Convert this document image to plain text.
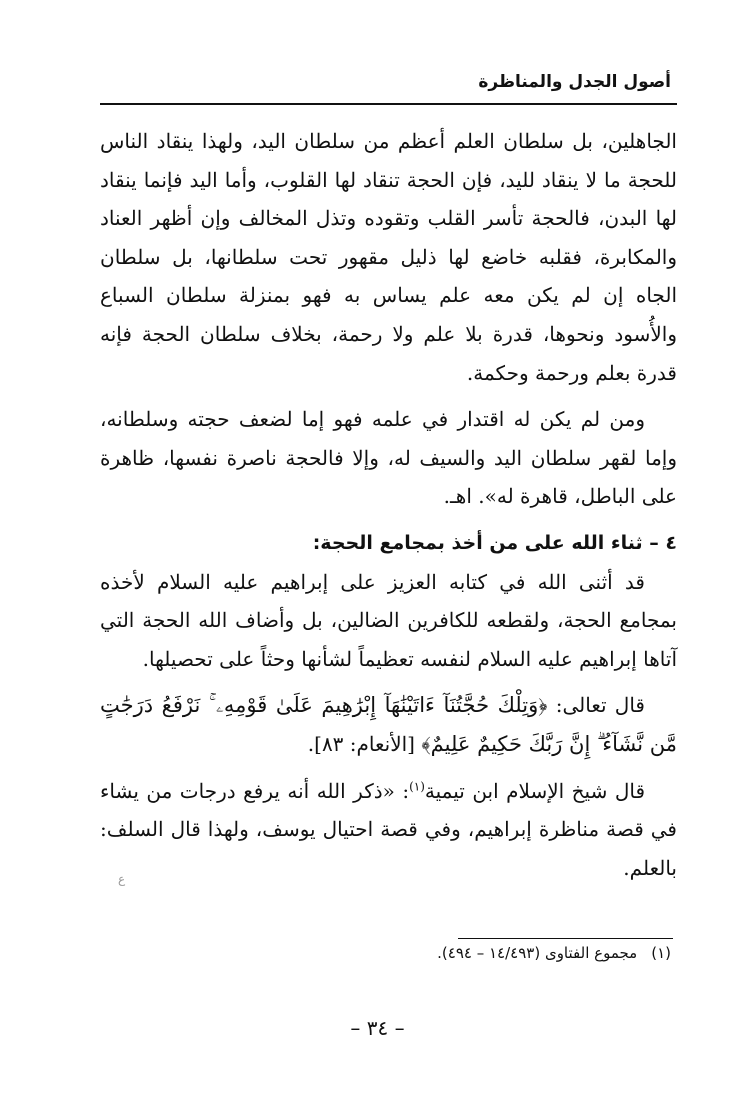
أصول الجدل والمناظرة

الجاهلين، بل سلطان العلم أعظم من سلطان اليد، ولهذا ينقاد الناس للحجة ما لا ينقاد لليد، فإن الحجة تنقاد لها القلوب، وأما اليد فإنما ينقاد لها البدن، فالحجة تأسر القلب وتقوده وتذل المخالف وإن أظهر العناد والمكابرة، فقلبه خاضع لها ذليل مقهور تحت سلطانها، بل سلطان الجاه إن لم يكن معه علم يساس به فهو بمنزلة سلطان السباع والأُسود ونحوها، قدرة بلا علم ولا رحمة، بخلاف سلطان الحجة فإنه قدرة بعلم ورحمة وحكمة.

ومن لم يكن له اقتدار في علمه فهو إما لضعف حجته وسلطانه، وإما لقهر سلطان اليد والسيف له، وإلا فالحجة ناصرة نفسها، ظاهرة على الباطل، قاهرة له». اهـ.

٤ – ثناء الله على من أخذ بمجامع الحجة:

قد أثنى الله في كتابه العزيز على إبراهيم عليه السلام لأخذه بمجامع الحجة، ولقطعه للكافرين الضالين، بل وأضاف الله الحجة التي آتاها إبراهيم عليه السلام لنفسه تعظيماً لشأنها وحثاً على تحصيلها.

قال تعالى: ﴿وَتِلْكَ حُجَّتُنَآ ءَاتَيْنَٰهَآ إِبْرَٰهِيمَ عَلَىٰ قَوْمِهِۦ ۚ نَرْفَعُ دَرَجَٰتٍ مَّن نَّشَآءُ ۗ إِنَّ رَبَّكَ حَكِيمٌ عَلِيمٌ﴾ [الأنعام: ٨٣].

قال شيخ الإسلام ابن تيمية$^{(١)}$: «ذكر الله أنه يرفع درجات من يشاء في قصة مناظرة إبراهيم، وفي قصة احتيال يوسف، ولهذا قال السلف: بالعلم.

ع
(١)مجموع الفتاوى (١٤/٤٩٣ – ٤٩٤).
– ٣٤ –
